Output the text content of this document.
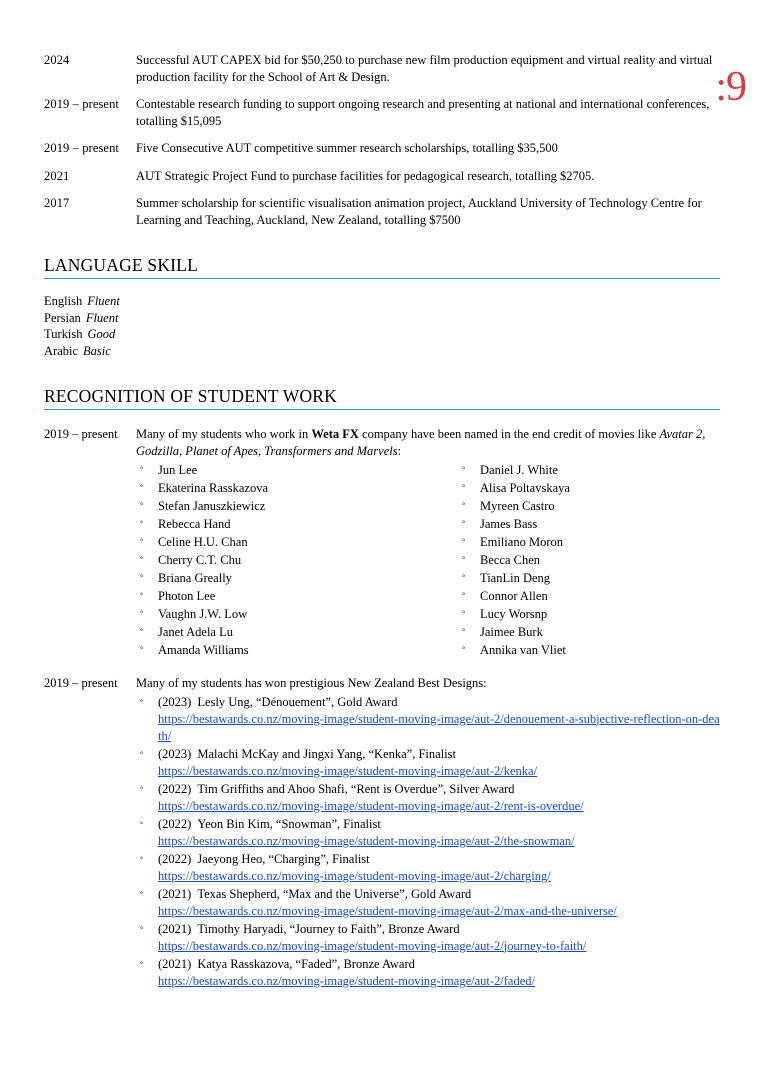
:9
2024	Successful AUT CAPEX bid for $50,250 to purchase new film production equipment and virtual reality and virtual production facility for the School of Art & Design.
2019 – present	Contestable research funding to support ongoing research and presenting at national and international conferences, totalling $15,095
2019 – present	Five Consecutive AUT competitive summer research scholarships, totalling $35,500
2021	AUT Strategic Project Fund to purchase facilities for pedagogical research, totalling $2705.
2017	Summer scholarship for scientific visualisation animation project, Auckland University of Technology Centre for Learning and Teaching, Auckland, New Zealand, totalling $7500
LANGUAGE SKILL
English Fluent
Persian Fluent
Turkish Good
Arabic Basic
RECOGNITION OF STUDENT WORK
2019 – present	Many of my students who work in Weta FX company have been named in the end credit of movies like Avatar 2, Godzilla, Planet of Apes, Transformers and Marvels:
°	Jun Lee
°	Ekaterina Rasskazova
°	Stefan Januszkiewicz
°	Rebecca Hand
°	Celine H.U. Chan
°	Cherry C.T. Chu
°	Briana Greally
°	Photon Lee
°	Vaughn J.W. Low
°	Janet Adela Lu
°	Amanda Williams
°	Daniel J. White
°	Alisa Poltavskaya
°	Myreen Castro
°	James Bass
°	Emiliano Moron
°	Becca Chen
°	TianLin Deng
°	Connor Allen
°	Lucy Worsnp
°	Jaimee Burk
°	Annika van Vliet
2019 – present	Many of my students has won prestigious New Zealand Best Designs:
°	(2023) Lesly Ung, “Dénouement”, Gold Award
https://bestawards.co.nz/moving-image/student-moving-image/aut-2/denouement-a-subjective-reflection-on-death/
°	(2023) Malachi McKay and Jingxi Yang, “Kenka”, Finalist
https://bestawards.co.nz/moving-image/student-moving-image/aut-2/kenka/
°	(2022) Tim Griffiths and Ahoo Shafi, “Rent is Overdue”, Silver Award
https://bestawards.co.nz/moving-image/student-moving-image/aut-2/rent-is-overdue/
°	(2022) Yeon Bin Kim, “Snowman”, Finalist
https://bestawards.co.nz/moving-image/student-moving-image/aut-2/the-snowman/
°	(2022) Jaeyong Heo, “Charging”, Finalist
https://bestawards.co.nz/moving-image/student-moving-image/aut-2/charging/
°	(2021) Texas Shepherd, “Max and the Universe”, Gold Award
https://bestawards.co.nz/moving-image/student-moving-image/aut-2/max-and-the-universe/
°	(2021) Timothy Haryadi, “Journey to Faith”, Bronze Award
https://bestawards.co.nz/moving-image/student-moving-image/aut-2/journey-to-faith/
°	(2021) Katya Rasskazova, “Faded”, Bronze Award
https://bestawards.co.nz/moving-image/student-moving-image/aut-2/faded/
